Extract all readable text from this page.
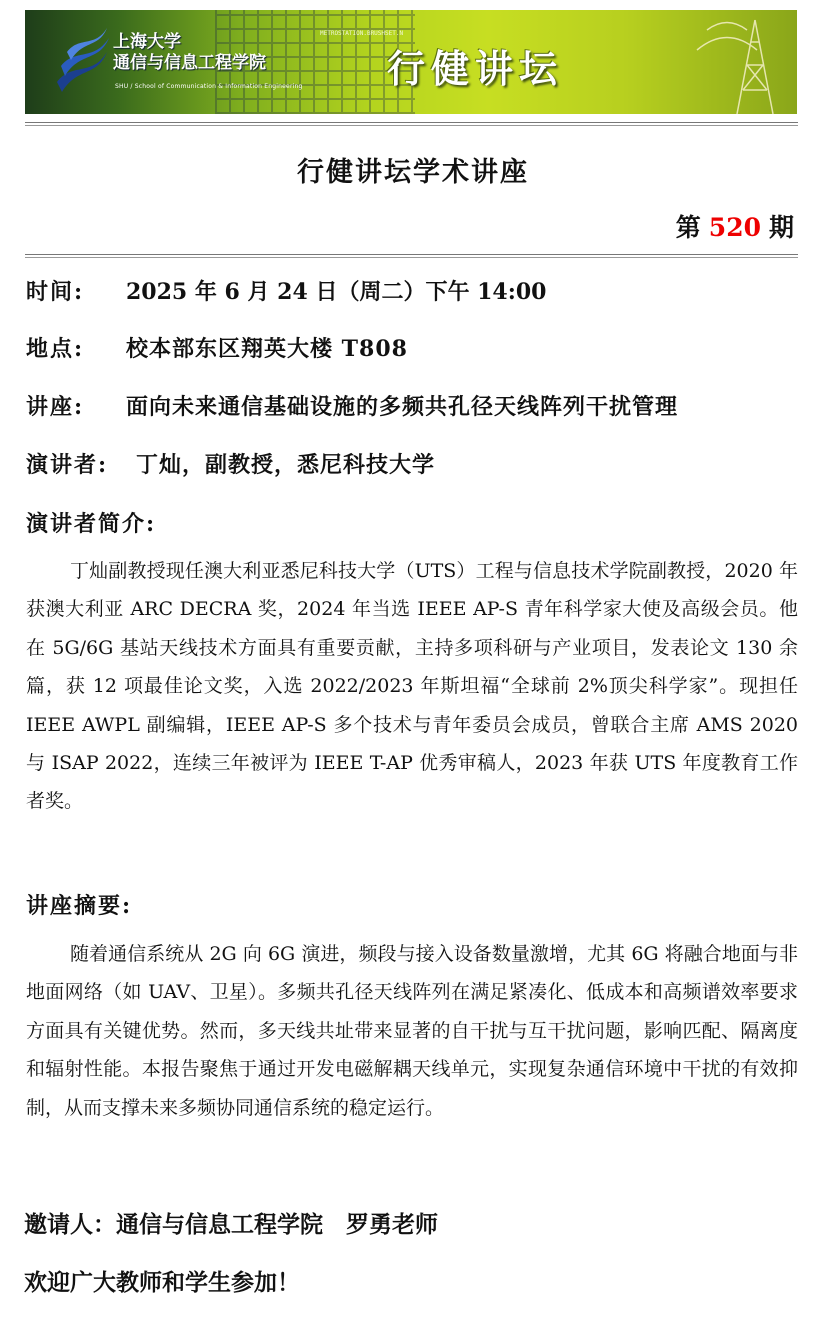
上海大学
通信与信息工程学院
SHU / School of Communication & Information Engineering
METROSTATION.BRUSHSET.N
行健讲坛
行健讲坛学术讲座
第 520 期
时间: 2025 年 6 月 24 日（周二）下午 14:00
地点: 校本部东区翔英大楼 T808
讲座: 面向未来通信基础设施的多频共孔径天线阵列干扰管理
演讲者: 丁灿，副教授，悉尼科技大学
演讲者简介:

丁灿副教授现任澳大利亚悉尼科技大学（UTS）工程与信息技术学院副教授，2020 年获澳大利亚 ARC DECRA 奖，2024 年当选 IEEE AP-S 青年科学家大使及高级会员。他在 5G/6G 基站天线技术方面具有重要贡献，主持多项科研与产业项目，发表论文 130 余篇，获 12 项最佳论文奖，入选 2022/2023 年斯坦福“全球前 2%顶尖科学家”。现担任 IEEE AWPL 副编辑，IEEE AP-S 多个技术与青年委员会成员，曾联合主席 AMS 2020 与 ISAP 2022，连续三年被评为 IEEE T-AP 优秀审稿人，2023 年获 UTS 年度教育工作者奖。

讲座摘要:

随着通信系统从 2G 向 6G 演进，频段与接入设备数量激增，尤其 6G 将融合地面与非地面网络（如 UAV、卫星）。多频共孔径天线阵列在满足紧凑化、低成本和高频谱效率要求方面具有关键优势。然而，多天线共址带来显著的自干扰与互干扰问题，影响匹配、隔离度和辐射性能。本报告聚焦于通过开发电磁解耦天线单元，实现复杂通信环境中干扰的有效抑制，从而支撑未来多频协同通信系统的稳定运行。

邀请人：通信与信息工程学院　罗勇老师
欢迎广大教师和学生参加！
